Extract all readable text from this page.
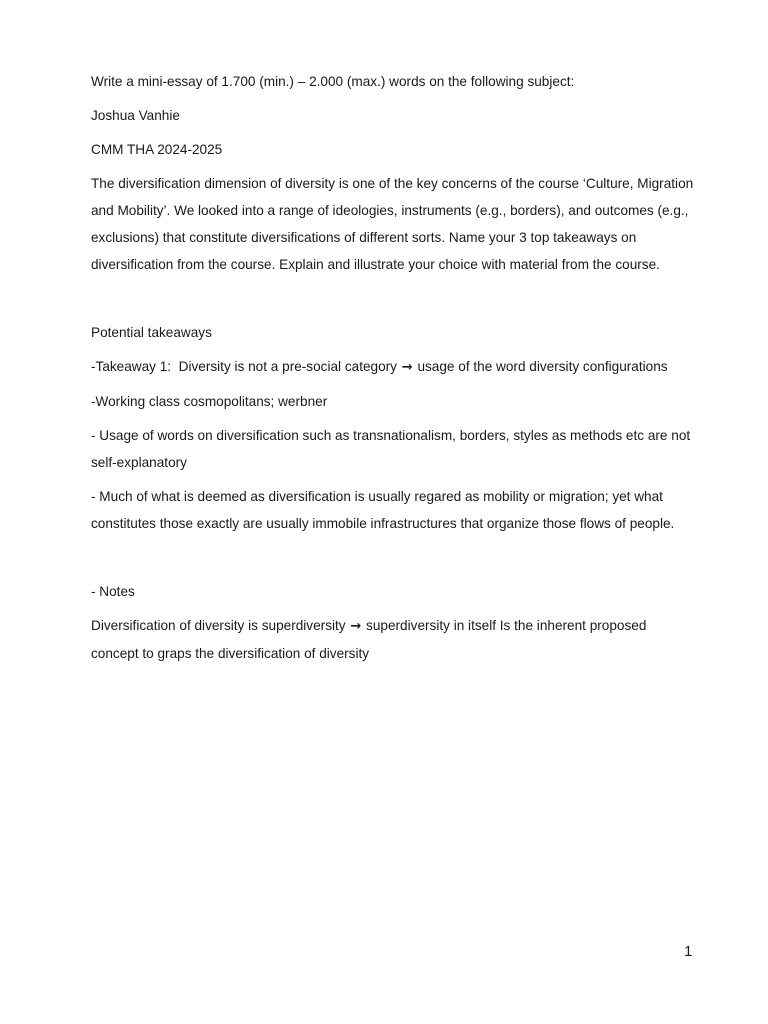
Write a mini-essay of 1.700 (min.) – 2.000 (max.) words on the following subject:

Joshua Vanhie

CMM THA 2024-2025

The diversification dimension of diversity is one of the key concerns of the course ‘Culture, Migration and Mobility’. We looked into a range of ideologies, instruments (e.g., borders), and outcomes (e.g., exclusions) that constitute diversifications of different sorts. Name your 3 top takeaways on diversification from the course. Explain and illustrate your choice with material from the course.

Potential takeaways

-Takeaway 1:  Diversity is not a pre-social category → usage of the word diversity configurations

-Working class cosmopolitans; werbner

- Usage of words on diversification such as transnationalism, borders, styles as methods etc are not self-explanatory

- Much of what is deemed as diversification is usually regared as mobility or migration; yet what constitutes those exactly are usually immobile infrastructures that organize those flows of people.

- Notes

Diversification of diversity is superdiversity → superdiversity in itself Is the inherent proposed concept to graps the diversification of diversity

1
